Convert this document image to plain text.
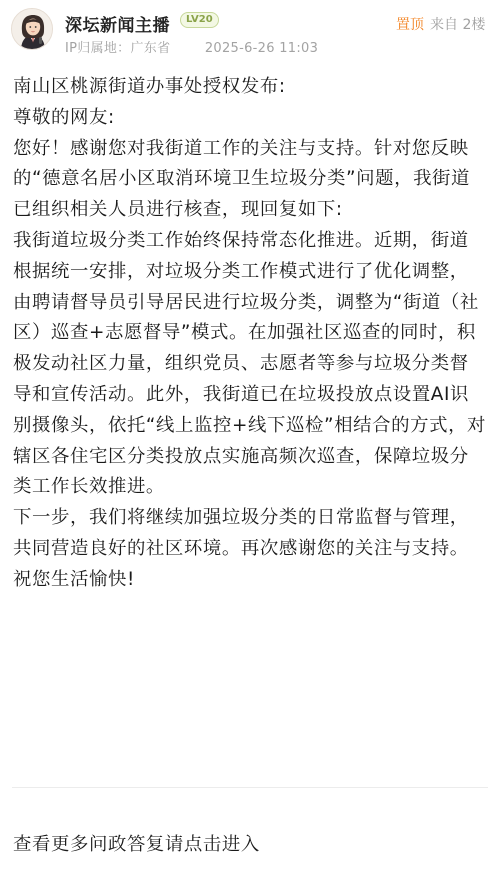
深坛新闻主播	LV20
IP归属地：广东省	2025-6-26 11:03
置顶 来自 2楼

南山区桃源街道办事处授权发布:

尊敬的网友:

您好！感谢您对我街道工作的关注与支持。针对您反映的“德意名居小区取消环境卫生垃圾分类”问题，我街道已组织相关人员进行核查，现回复如下:

我街道垃圾分类工作始终保持常态化推进。近期，街道根据统一安排，对垃圾分类工作模式进行了优化调整，由聘请督导员引导居民进行垃圾分类，调整为“街道（社区）巡查+志愿督导”模式。在加强社区巡查的同时，积极发动社区力量，组织党员、志愿者等参与垃圾分类督导和宣传活动。此外，我街道已在垃圾投放点设置AI识别摄像头，依托“线上监控+线下巡检”相结合的方式，对辖区各住宅区分类投放点实施高频次巡查，保障垃圾分类工作长效推进。

下一步，我们将继续加强垃圾分类的日常监督与管理，共同营造良好的社区环境。再次感谢您的关注与支持。祝您生活愉快!

查看更多问政答复请点击进入
